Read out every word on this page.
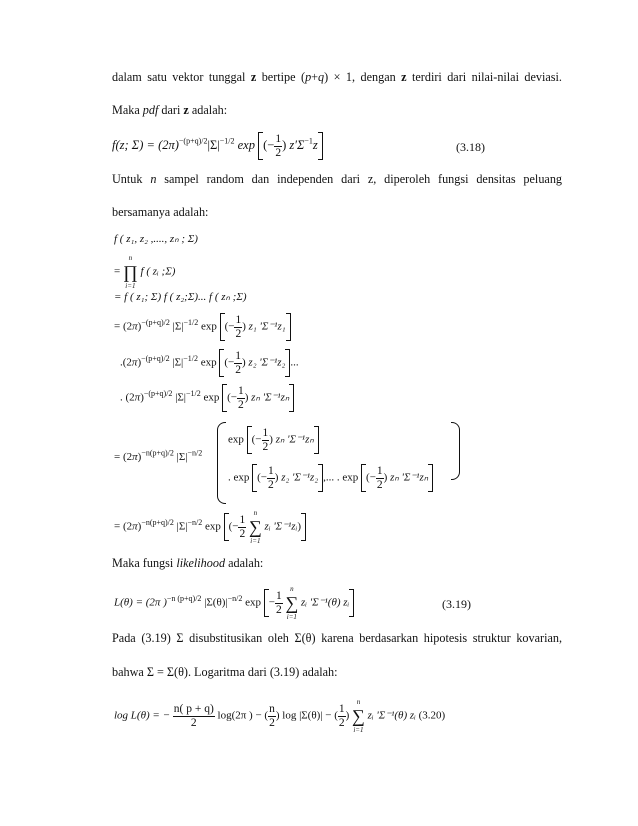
dalam satu vektor tunggal z bertipe (p+q) × 1, dengan z terdiri dari nilai-nilai deviasi.
Maka pdf dari z adalah:
f(z; $\Sigma) = (2\pi)^{-(p+q)/2}|\Sigma|^{-1/2}$ exp (− $\frac{1}{2}$ ) $z'\Sigma^{-1}z$	(3.18)
Untuk n sampel random dan independen dari z, diperoleh fungsi densitas peluang
bersamanya adalah:
f ( z₁, z₂ ,...., zₙ ; Σ)
=
n
∏
i=1
f ( zᵢ ;Σ)
= f ( z₁; Σ) f ( z₂;Σ)... f ( zₙ ;Σ)
= $(2\pi)^{-(p+q)/2}$ $|\Sigma|^{-1/2}$ exp (− $\frac{1}{2}$ ) z₁ 'Σ⁻¹z₁
$.(2\pi)^{-(p+q)/2}$ $|\Sigma|^{-1/2}$ exp (− $\frac{1}{2}$ ) z₂ 'Σ⁻¹z₂ ...
. $(2\pi)^{-(p+q)/2}$ $|\Sigma|^{-1/2}$ exp (− $\frac{1}{2}$ ) zₙ 'Σ⁻¹zₙ
= $(2\pi)^{-n(p+q)/2}$ $|\Sigma|^{-n/2}$
exp (− $\frac{1}{2}$ ) zₙ 'Σ⁻¹zₙ
. exp (− $\frac{1}{2}$ ) z₂ 'Σ⁻¹z₂ ,... . exp (− $\frac{1}{2}$ ) zₙ 'Σ⁻¹zₙ
= $(2\pi)^{-n(p+q)/2}$ $|\Sigma|^{-n/2}$ exp (− $\frac{1}{2}$

n
∑
i=1
zᵢ 'Σ⁻¹zᵢ)
Maka fungsi likelihood adalah:
L(θ) = (2π )$^{-n (p+q)/2}$ $|\Sigma(\theta)|^{-n/2}$ $\exp - \frac{1}{2}$

n
∑
i=1
zᵢ 'Σ⁻¹(θ) zᵢ	(3.19)
Pada (3.19) Σ disubstitusikan oleh Σ(θ) karena berdasarkan hipotesis struktur kovarian,
bahwa Σ = Σ(θ). Logaritma dari (3.19) adalah:
log L(θ) = − $\frac{n( p + q)}{2} \log(2\pi$ ) − ( $\frac{n}{2}$ ) log |Σ(θ)| − ( $\frac{1}{2}$ )
n
∑
i=1
zᵢ 'Σ⁻¹(θ) zᵢ (3.20)
